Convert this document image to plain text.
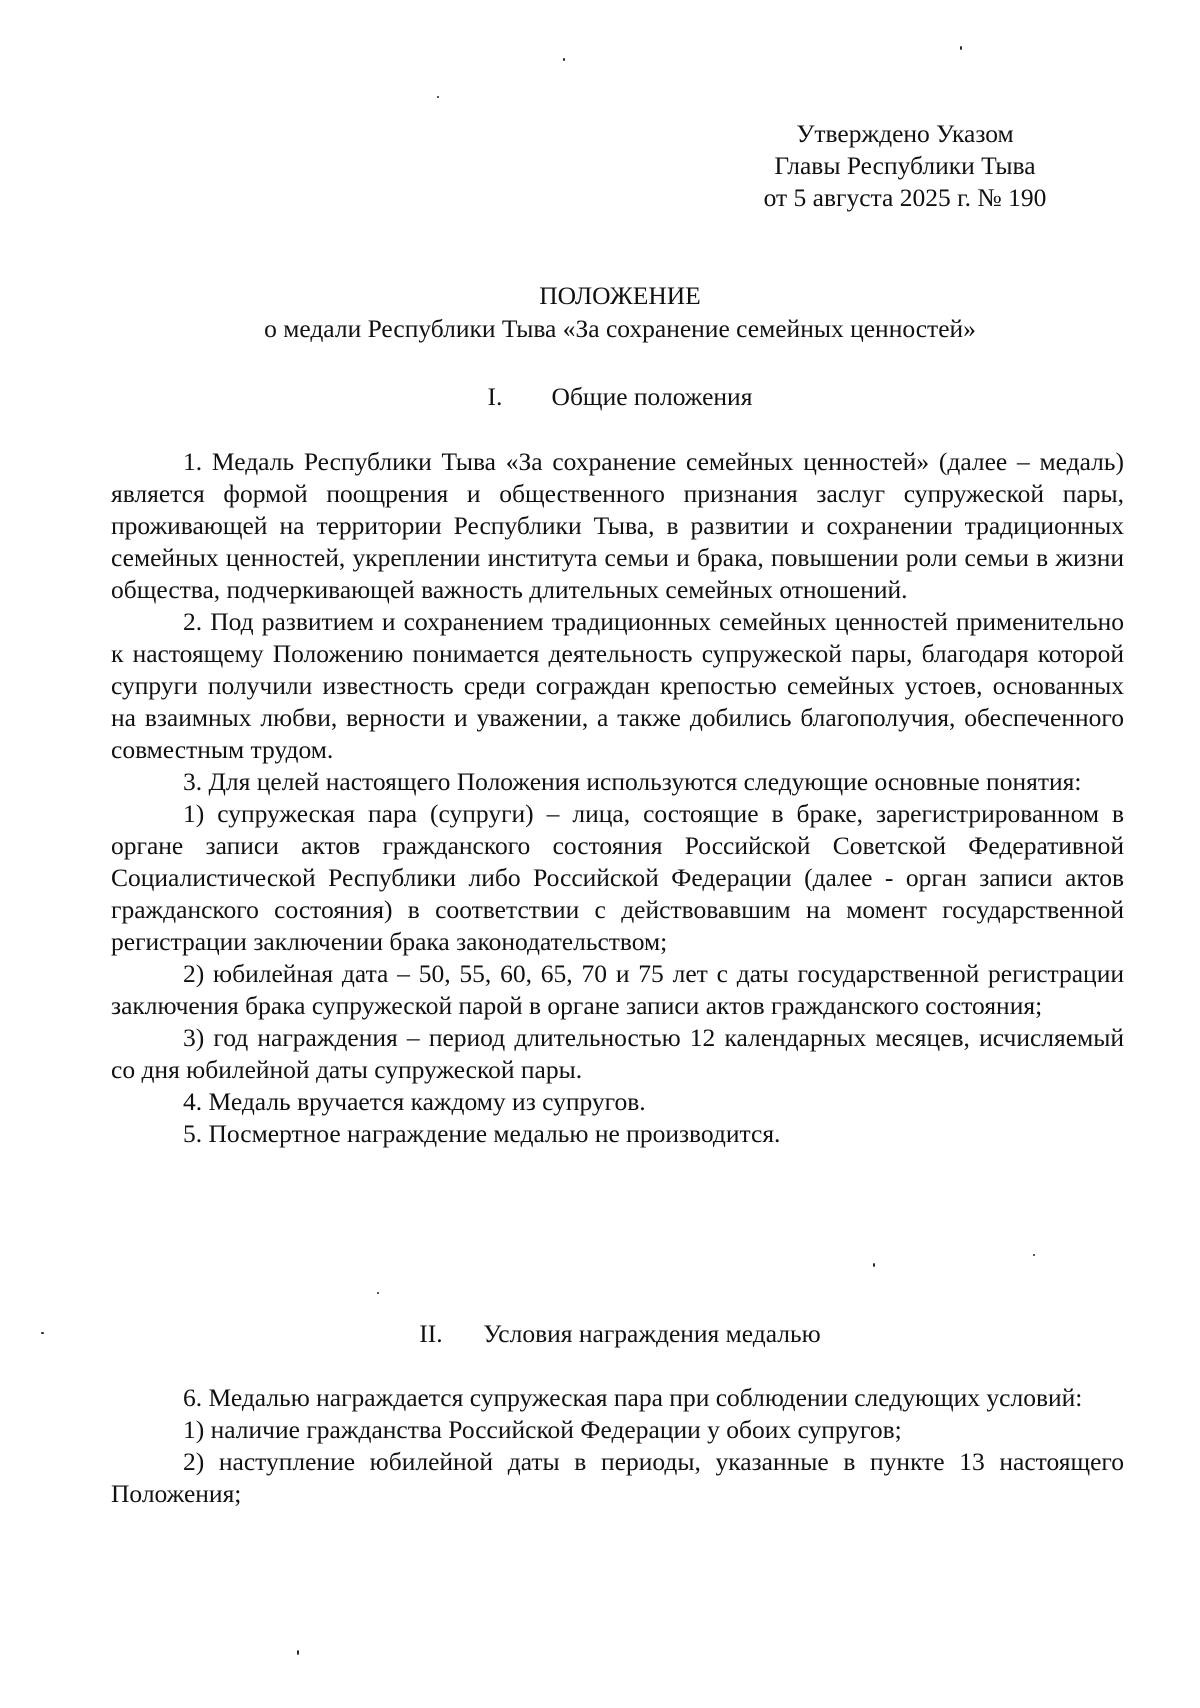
Утверждено Указом
Главы Республики Тыва
от 5 августа 2025 г. № 190
ПОЛОЖЕНИЕ
о медали Республики Тыва «За сохранение семейных ценностей»
I. Общие положения

1. Медаль Республики Тыва «За сохранение семейных ценностей» (далее – медаль) является формой поощрения и общественного признания заслуг супружеской пары, проживающей на территории Республики Тыва, в развитии и сохранении традиционных семейных ценностей, укреплении института семьи и брака, повышении роли семьи в жизни общества, подчеркивающей важность длительных семейных отношений.

2. Под развитием и сохранением традиционных семейных ценностей применительно к настоящему Положению понимается деятельность супружеской пары, благодаря которой супруги получили известность среди сограждан крепостью семейных устоев, основанных на взаимных любви, верности и уважении, а также добились благополучия, обеспеченного совместным трудом.

3. Для целей настоящего Положения используются следующие основные понятия:

1) супружеская пара (супруги) – лица, состоящие в браке, зарегистрированном в органе записи актов гражданского состояния Российской Советской Федеративной Социалистической Республики либо Российской Федерации (далее - орган записи актов гражданского состояния) в соответствии с действовавшим на момент государственной регистрации заключении брака законодательством;

2) юбилейная дата – 50, 55, 60, 65, 70 и 75 лет с даты государственной регистрации заключения брака супружеской парой в органе записи актов гражданского состояния;

3) год награждения – период длительностью 12 календарных месяцев, исчисляемый со дня юбилейной даты супружеской пары.

4. Медаль вручается каждому из супругов.

5. Посмертное награждение медалью не производится.

II. Условия награждения медалью

6. Медалью награждается супружеская пара при соблюдении следующих условий:

1) наличие гражданства Российской Федерации у обоих супругов;

2) наступление юбилейной даты в периоды, указанные в пункте 13 настоящего Положения;
